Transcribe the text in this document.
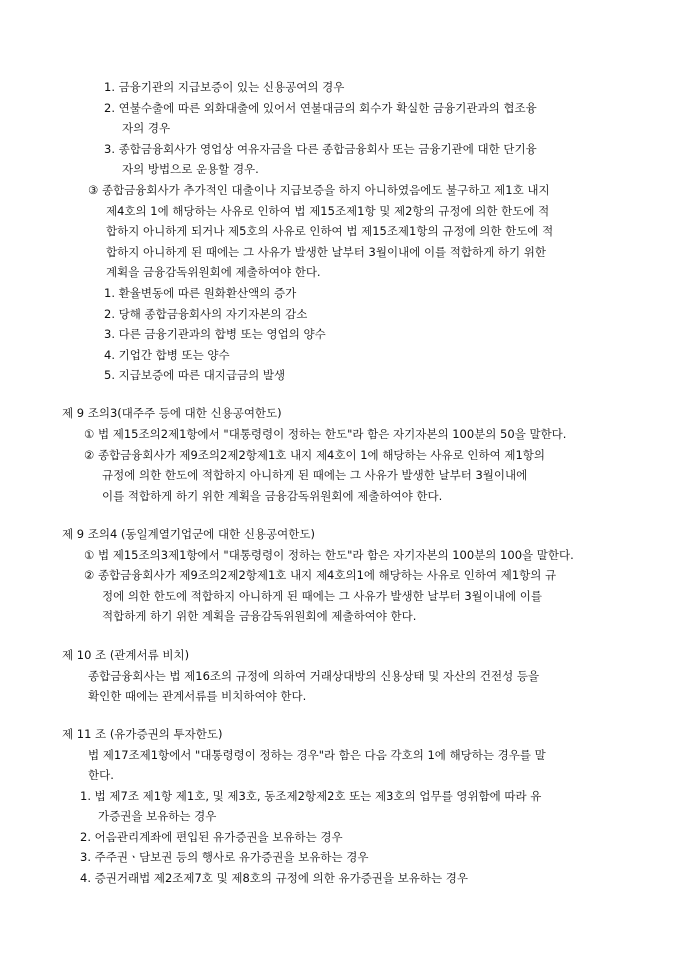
1. 금융기관의 지급보증이 있는 신용공여의 경우
2. 연불수출에 따른 외화대출에 있어서 연불대금의 회수가 확실한 금융기관과의 협조융
자의 경우
3. 종합금융회사가 영업상 여유자금을 다른 종합금융회사 또는 금융기관에 대한 단기융
자의 방법으로 운용할 경우.
③ 종합금융회사가 추가적인 대출이나 지급보증을 하지 아니하였음에도 불구하고 제1호 내지
제4호의 1에 해당하는 사유로 인하여 법 제15조제1항 및 제2항의 규정에 의한 한도에 적
합하지 아니하게 되거나 제5호의 사유로 인하여 법 제15조제1항의 규정에 의한 한도에 적
합하지 아니하게 된 때에는 그 사유가 발생한 날부터 3월이내에 이를 적합하게 하기 위한
계획을 금융감독위원회에 제출하여야 한다.
1. 환율변동에 따른 원화환산액의 증가
2. 당해 종합금융회사의 자기자본의 감소
3. 다른 금융기관과의 합병 또는 영업의 양수
4. 기업간 합병 또는 양수
5. 지급보증에 따른 대지급금의 발생
제 9 조의3(대주주 등에 대한 신용공여한도)
① 법 제15조의2제1항에서 "대통령령이 정하는 한도"라 함은 자기자본의 100분의 50을 말한다.
② 종합금융회사가 제9조의2제2항제1호 내지 제4호이 1에 해당하는 사유로 인하여 제1항의
규정에 의한 한도에 적합하지 아니하게 된 때에는 그 사유가 발생한 날부터 3월이내에
이를 적합하게 하기 위한 계획을 금융감독위원회에 제출하여야 한다.
제 9 조의4 (동일계열기업군에 대한 신용공여한도)
① 법 제15조의3제1항에서 "대통령령이 정하는 한도"라 함은 자기자본의 100분의 100을 말한다.
② 종합금융회사가 제9조의2제2항제1호 내지 제4호의1에 해당하는 사유로 인하여 제1항의 규
정에 의한 한도에 적합하지 아니하게 된 때에는 그 사유가 발생한 날부터 3월이내에 이를
적합하게 하기 위한 계획을 금융감독위원회에 제출하여야 한다.
제 10 조 (관계서류 비치)
종합금융회사는 법 제16조의 규정에 의하여 거래상대방의 신용상태 및 자산의 건전성 등을
확인한 때에는 관계서류를 비치하여야 한다.
제 11 조 (유가증권의 투자한도)
법 제17조제1항에서 "대통령령이 정하는 경우"라 함은 다음 각호의 1에 해당하는 경우를 말
한다.
1. 법 제7조 제1항 제1호, 및 제3호, 동조제2항제2호 또는 제3호의 업무를 영위함에 따라 유
가증권을 보유하는 경우
2. 어음관리계좌에 편입된 유가증권을 보유하는 경우
3. 주주권ㆍ담보권 등의 행사로 유가증권을 보유하는 경우
4. 증권거래법 제2조제7호 및 제8호의 규정에 의한 유가증권을 보유하는 경우
